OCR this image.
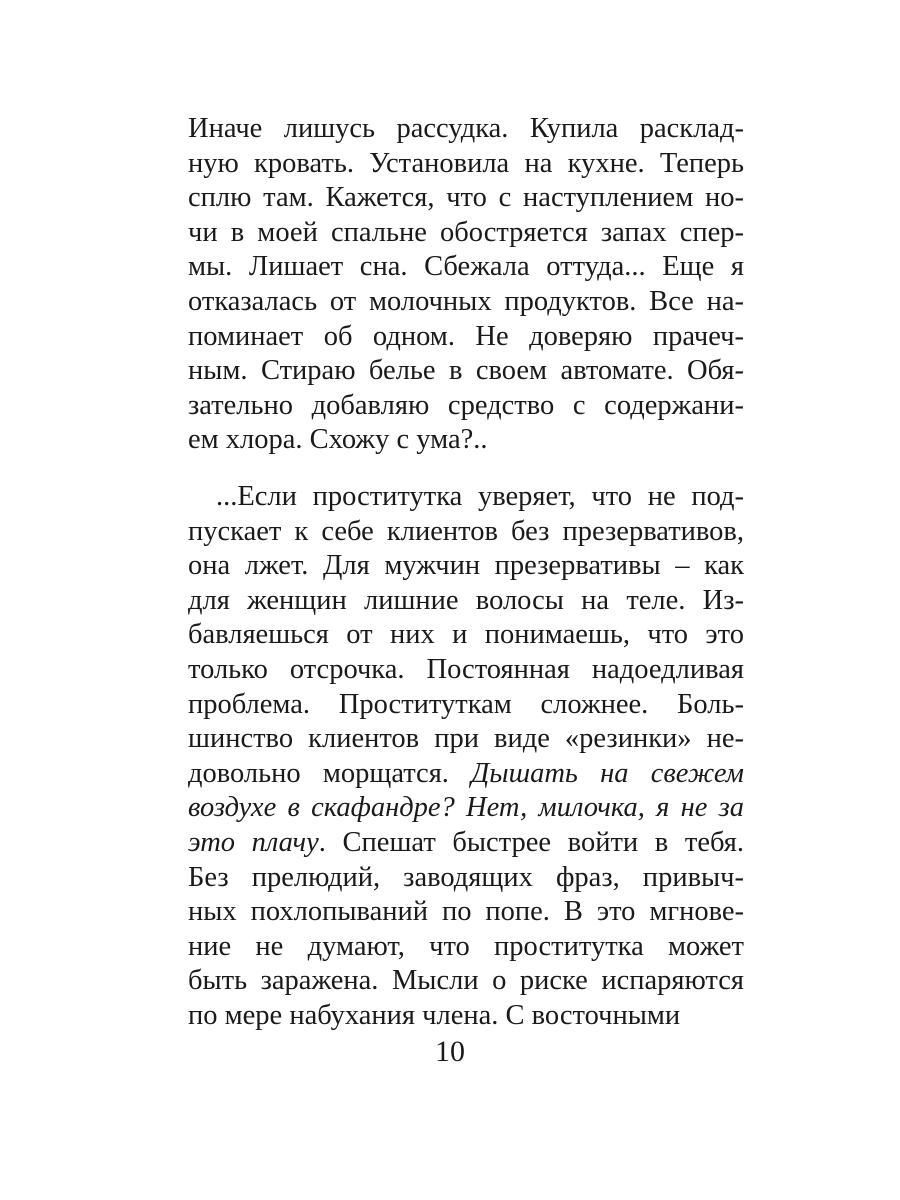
Иначе лишусь рассудка. Купила расклад-
ную кровать. Установила на кухне. Теперь
сплю там. Кажется, что с наступлением но-
чи в моей спальне обостряется запах спер-
мы. Лишает сна. Сбежала оттуда... Еще я
отказалась от молочных продуктов. Все на-
поминает об одном. Не доверяю прачеч-
ным. Стираю белье в своем автомате. Обя-
зательно добавляю средство с содержани-
ем хлора. Схожу с ума?..
...Если проститутка уверяет, что не под-
пускает к себе клиентов без презервативов,
она лжет. Для мужчин презервативы – как
для женщин лишние волосы на теле. Из-
бавляешься от них и понимаешь, что это
только отсрочка. Постоянная надоедливая
проблема. Проституткам сложнее. Боль-
шинство клиентов при виде «резинки» не-
довольно морщатся. Дышать на свежем
воздухе в скафандре? Нет, милочка, я не за
это плачу. Спешат быстрее войти в тебя.
Без прелюдий, заводящих фраз, привыч-
ных похлопываний по попе. В это мгнове-
ние не думают, что проститутка может
быть заражена. Мысли о риске испаряются
по мере набухания члена. С восточными
10
